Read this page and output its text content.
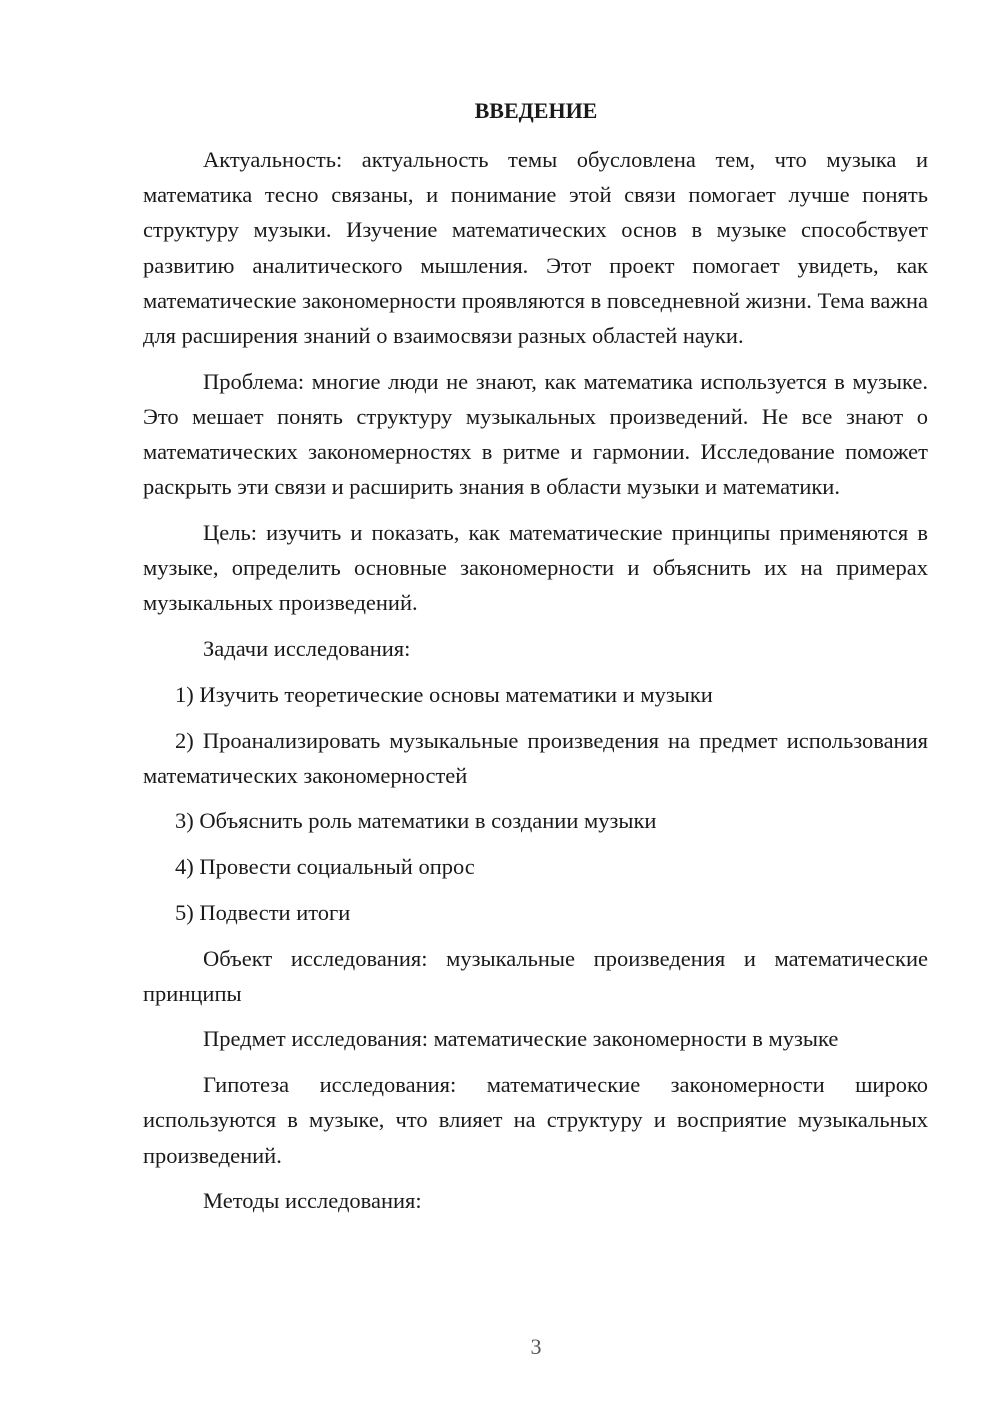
ВВЕДЕНИЕ

Актуальность: актуальность темы обусловлена тем, что музыка и математика тесно связаны, и понимание этой связи помогает лучше понять структуру музыки. Изучение математических основ в музыке способствует развитию аналитического мышления. Этот проект помогает увидеть, как математические закономерности проявляются в повседневной жизни. Тема важна для расширения знаний о взаимосвязи разных областей науки.

Проблема: многие люди не знают, как математика используется в музыке. Это мешает понять структуру музыкальных произведений. Не все знают о математических закономерностях в ритме и гармонии. Исследование поможет раскрыть эти связи и расширить знания в области музыки и математики.

Цель: изучить и показать, как математические принципы применяются в музыке, определить основные закономерности и объяснить их на примерах музыкальных произведений.

Задачи исследования:

1) Изучить теоретические основы математики и музыки

2) Проанализировать музыкальные произведения на предмет использования математических закономерностей

3) Объяснить роль математики в создании музыки

4) Провести социальный опрос

5) Подвести итоги

Объект исследования: музыкальные произведения и математические принципы

Предмет исследования: математические закономерности в музыке

Гипотеза исследования: математические закономерности широко используются в музыке, что влияет на структуру и восприятие музыкальных произведений.

Методы исследования:

3
